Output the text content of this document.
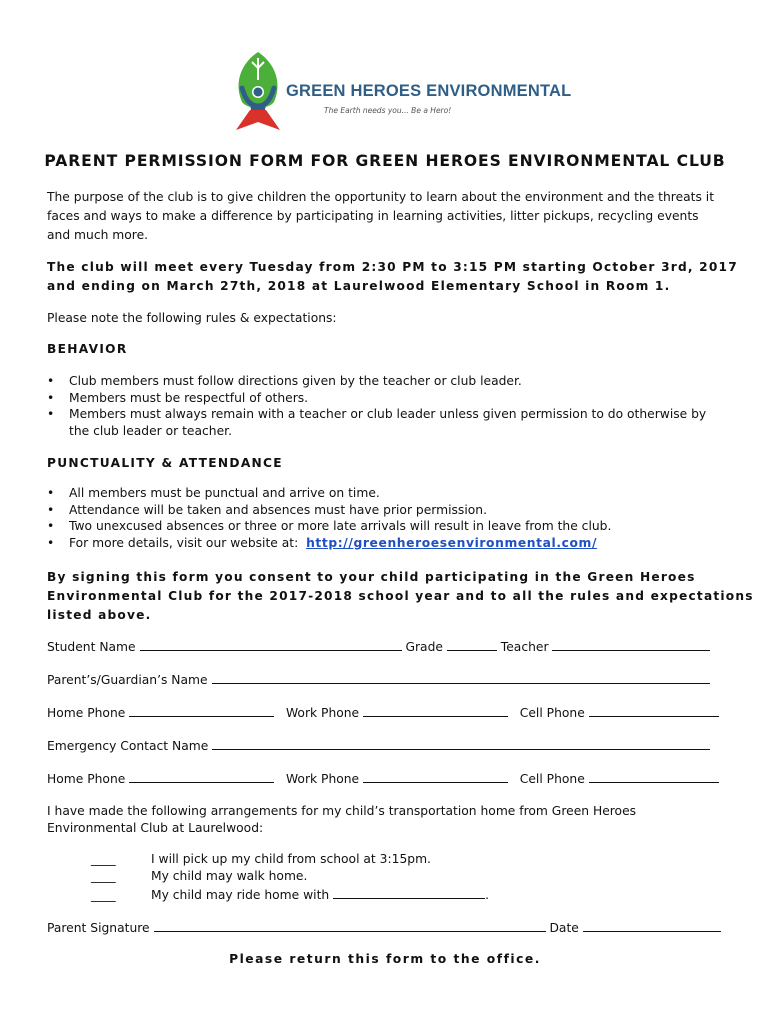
GREEN HEROES ENVIRONMENTAL
The Earth needs you... Be a Hero!
PARENT PERMISSION FORM FOR GREEN HEROES ENVIRONMENTAL CLUB
The purpose of the club is to give children the opportunity to learn about the environment and the threats it
faces and ways to make a difference by participating in learning activities, litter pickups, recycling events
and much more.
The club will meet every Tuesday from 2:30 PM to 3:15 PM starting October 3rd, 2017
and ending on March 27th, 2018 at Laurelwood Elementary School in Room 1.
Please note the following rules & expectations:
BEHAVIOR
• Club members must follow directions given by the teacher or club leader.
• Members must be respectful of others.
• Members must always remain with a teacher or club leader unless given permission to do otherwise by
the club leader or teacher.
PUNCTUALITY & ATTENDANCE
• All members must be punctual and arrive on time.
• Attendance will be taken and absences must have prior permission.
• Two unexcused absences or three or more late arrivals will result in leave from the club.
• For more details, visit our website at: http://greenheroesenvironmental.com/
By signing this form you consent to your child participating in the Green Heroes
Environmental Club for the 2017-2018 school year and to all the rules and expectations
listed above.
Student Name	Grade	Teacher
Parent’s/Guardian’s Name
Home Phone	Work Phone	Cell Phone
Emergency Contact Name
Home Phone	Work Phone	Cell Phone
I have made the following arrangements for my child’s transportation home from Green Heroes
Environmental Club at Laurelwood:
____	I will pick up my child from school at 3:15pm.
____	My child may walk home.
____	My child may ride home with	.
Parent Signature	Date
Please return this form to the office.
